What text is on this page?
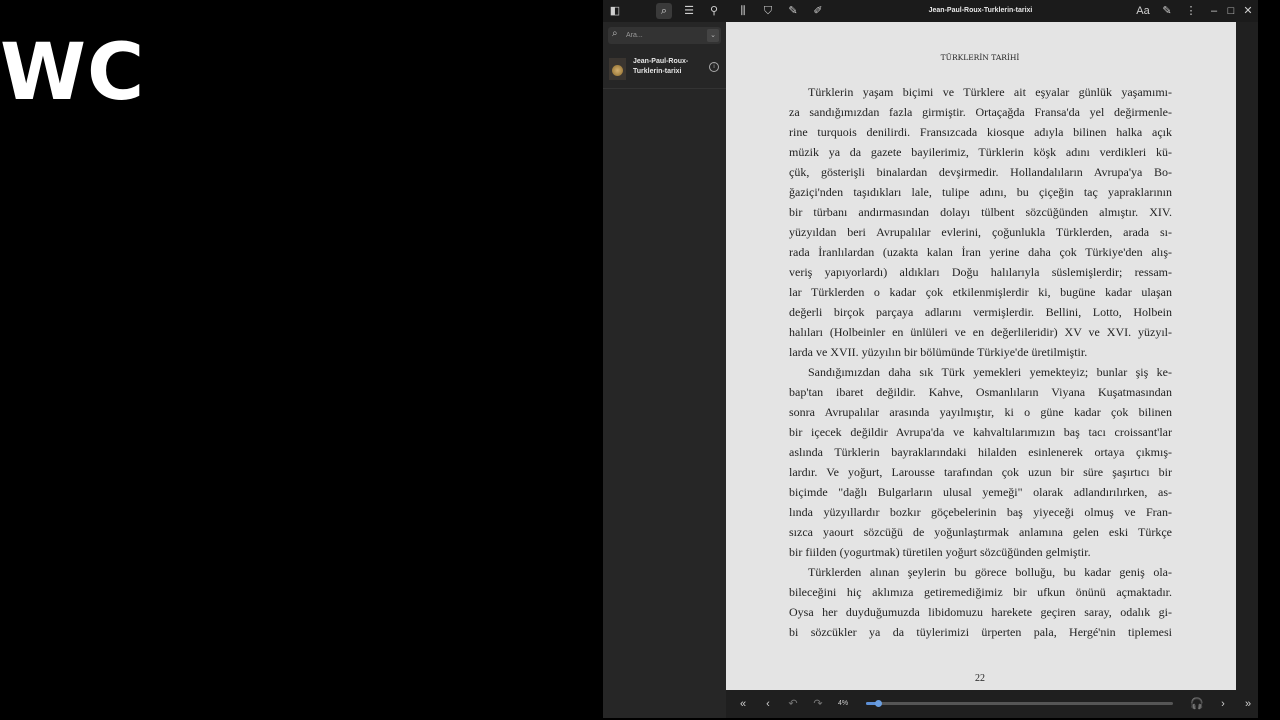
WC
◧	⌕	☰	⚲	⫼	⛉	✎	✐	Jean-Paul-Roux-Turklerin-tarixi	Aa	✎	⋮	– □ ✕
⌕
Ara...	⌄
Jean-Paul-Roux-Turklerin-tarixi
i
TÜRKLERİN TARİHİ
Türklerin yaşam biçimi ve Türklere ait eşyalar günlük yaşamımı-
za sandığımızdan fazla girmiştir. Ortaçağda Fransa'da yel değirmenle-
rine turquois denilirdi. Fransızcada kiosque adıyla bilinen halka açık
müzik ya da gazete bayilerimiz, Türklerin köşk adını verdikleri kü-
çük, gösterişli binalardan devşirmedir. Hollandalıların Avrupa'ya Bo-
ğaziçi'nden taşıdıkları lale, tulipe adını, bu çiçeğin taç yapraklarının
bir türbanı andırmasından dolayı tülbent sözcüğünden almıştır. XIV.
yüzyıldan beri Avrupalılar evlerini, çoğunlukla Türklerden, arada sı-
rada İranlılardan (uzakta kalan İran yerine daha çok Türkiye'den alış-
veriş yapıyorlardı) aldıkları Doğu halılarıyla süslemişlerdir; ressam-
lar Türklerden o kadar çok etkilenmişlerdir ki, bugüne kadar ulaşan
değerli birçok parçaya adlarını vermişlerdir. Bellini, Lotto, Holbein
halıları (Holbeinler en ünlüleri ve en değerlileridir) XV ve XVI. yüzyıl-
larda ve XVII. yüzyılın bir bölümünde Türkiye'de üretilmiştir.
Sandığımızdan daha sık Türk yemekleri yemekteyiz; bunlar şiş ke-
bap'tan ibaret değildir. Kahve, Osmanlıların Viyana Kuşatmasından
sonra Avrupalılar arasında yayılmıştır, ki o güne kadar çok bilinen
bir içecek değildir Avrupa'da ve kahvaltılarımızın baş tacı croissant'lar
aslında Türklerin bayraklarındaki hilalden esinlenerek ortaya çıkmış-
lardır. Ve yoğurt, Larousse tarafından çok uzun bir süre şaşırtıcı bir
biçimde "dağlı Bulgarların ulusal yemeği" olarak adlandırılırken, as-
lında yüzyıllardır bozkır göçebelerinin baş yiyeceği olmuş ve Fran-
sızca yaourt sözcüğü de yoğunlaştırmak anlamına gelen eski Türkçe
bir fiilden (yogurtmak) türetilen yoğurt sözcüğünden gelmiştir.
Türklerden alınan şeylerin bu görece bolluğu, bu kadar geniş ola-
bileceğini hiç aklımıza getiremediğimiz bir ufkun önünü açmaktadır.
Oysa her duyduğumuzda libidomuzu harekete geçiren saray, odalık gi-
bi sözcükler ya da tüylerimizi ürperten pala, Hergé'nin tiplemesi
22
«	‹	↶ ↷	4%	🎧	›	»
